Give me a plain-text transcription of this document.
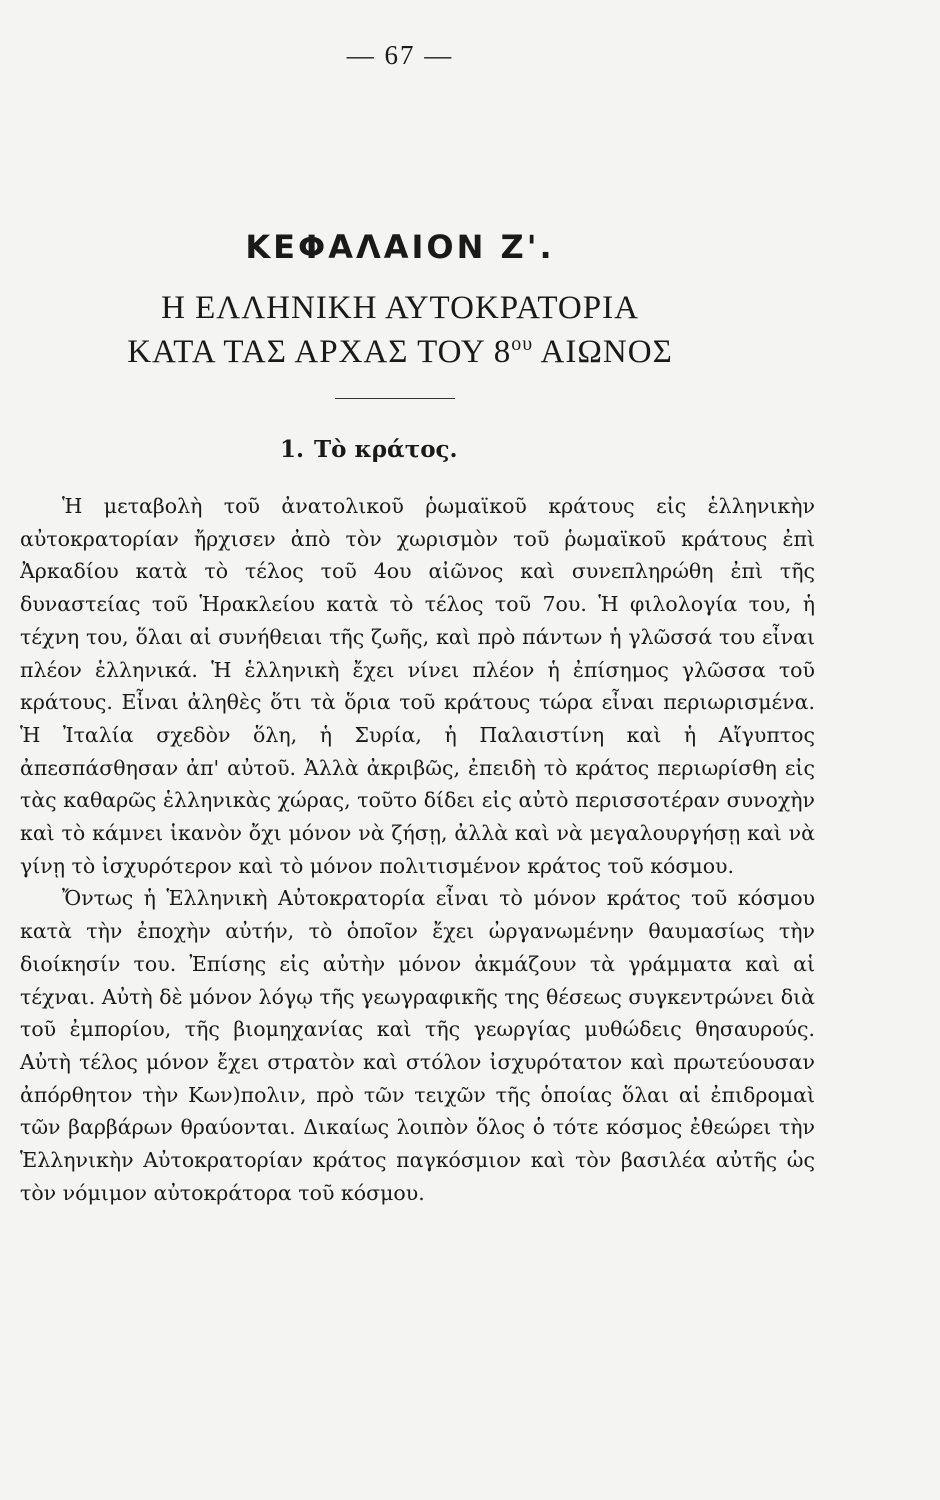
— 67 —
ΚΕΦΑΛΑΙΟΝ Ζ'.
Η ΕΛΛΗΝΙΚΗ ΑΥΤΟΚΡΑΤΟΡΙΑ
ΚΑΤΑ ΤΑΣ ΑΡΧΑΣ ΤΟΥ $8^{o\upsilon}$ ΑΙΩΝΟΣ
1. Τὸ κράτος.

Ἡ μεταβολὴ τοῦ ἀνατολικοῦ ῥωμαϊκοῦ κράτους εἰς ἑλληνικὴν αὐτοκρατορίαν ἤρχισεν ἀπὸ τὸν χωρισμὸν τοῦ ῥωμαϊκοῦ κράτους ἐπὶ Ἀρκαδίου κατὰ τὸ τέλος τοῦ 4ου αἰῶνος καὶ συνεπληρώθη ἐπὶ τῆς δυναστείας τοῦ Ἡρακλείου κατὰ τὸ τέλος τοῦ 7ου. Ἡ φιλολογία του, ἡ τέχνη του, ὅλαι αἱ συνήθειαι τῆς ζωῆς, καὶ πρὸ πάντων ἡ γλῶσσά του εἶναι πλέον ἑλληνικά. Ἡ ἑλληνικὴ ἔχει νίνει πλέον ἡ ἐπίσημος γλῶσσα τοῦ κράτους. Εἶναι ἀληθὲς ὅτι τὰ ὅρια τοῦ κράτους τώρα εἶναι περιωρισμένα. Ἡ Ἰταλία σχεδὸν ὅλη, ἡ Συρία, ἡ Παλαιστίνη καὶ ἡ Αἴγυπτος ἀπεσπάσθησαν ἀπ' αὐτοῦ. Ἀλλὰ ἀκριβῶς, ἐπειδὴ τὸ κράτος περιωρίσθη εἰς τὰς καθαρῶς ἑλληνικὰς χώρας, τοῦτο δίδει εἰς αὐτὸ περισσοτέραν συνοχὴν καὶ τὸ κάμνει ἱκανὸν ὄχι μόνον νὰ ζήσῃ, ἀλλὰ καὶ νὰ μεγαλουργήσῃ καὶ νὰ γίνῃ τὸ ἰσχυρότερον καὶ τὸ μόνον πολιτισμένον κράτος τοῦ κόσμου.

Ὄντως ἡ Ἑλληνικὴ Αὐτοκρατορία εἶναι τὸ μόνον κράτος τοῦ κόσμου κατὰ τὴν ἐποχὴν αὐτήν, τὸ ὁποῖον ἔχει ὠργανωμένην θαυμασίως τὴν διοίκησίν του. Ἐπίσης εἰς αὐτὴν μόνον ἀκμάζουν τὰ γράμματα καὶ αἱ τέχναι. Αὐτὴ δὲ μόνον λόγῳ τῆς γεωγραφικῆς της θέσεως συγκεντρώνει διὰ τοῦ ἐμπορίου, τῆς βιομηχανίας καὶ τῆς γεωργίας μυθώδεις θησαυρούς. Αὐτὴ τέλος μόνον ἔχει στρατὸν καὶ στόλον ἰσχυρότατον καὶ πρωτεύουσαν ἀπόρθητον τὴν Κων)πολιν, πρὸ τῶν τειχῶν τῆς ὁποίας ὅλαι αἱ ἐπιδρομαὶ τῶν βαρβάρων θραύονται. Δικαίως λοιπὸν ὅλος ὁ τότε κόσμος ἐθεώρει τὴν Ἑλληνικὴν Αὐτοκρατορίαν κράτος παγκόσμιον καὶ τὸν βασιλέα αὐτῆς ὡς τὸν νόμιμον αὐτοκράτορα τοῦ κόσμου.
